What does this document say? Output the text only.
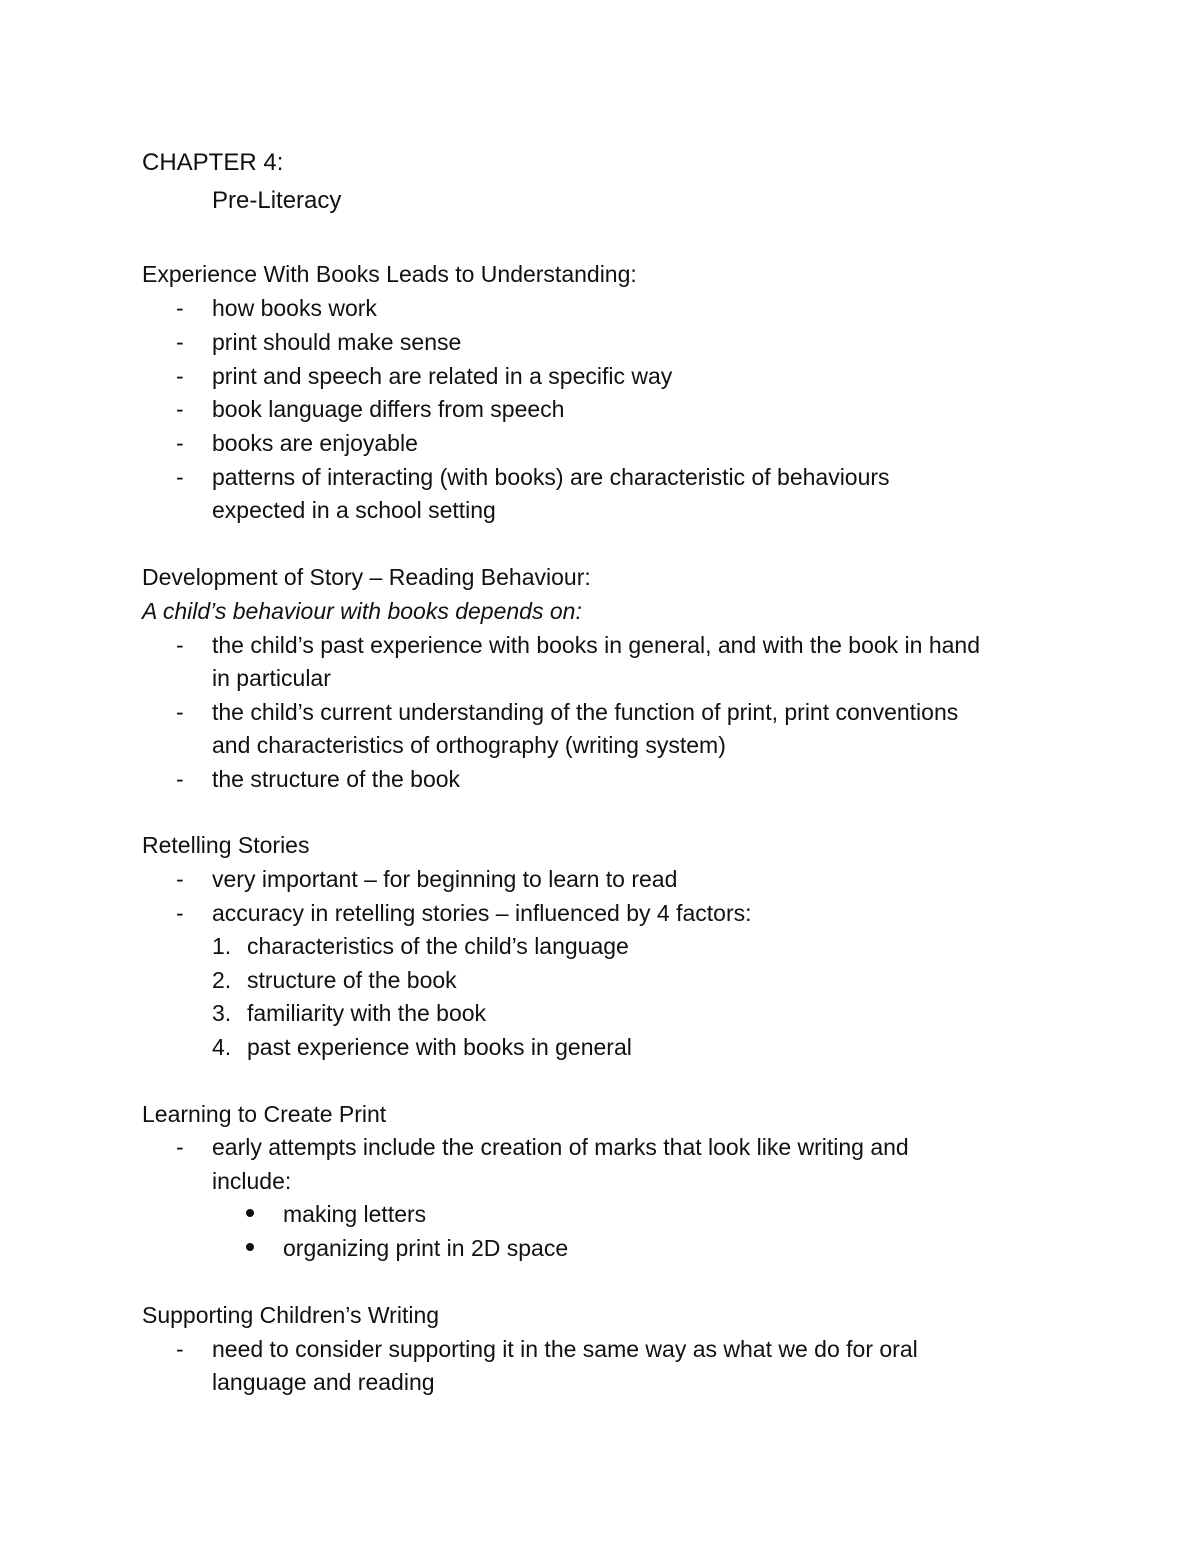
CHAPTER 4:
Pre-Literacy
Experience With Books Leads to Understanding:
- how books work
- print should make sense
- print and speech are related in a specific way
- book language differs from speech
- books are enjoyable
- patterns of interacting (with books) are characteristic of behaviours
expected in a school setting
Development of Story – Reading Behaviour:
A child’s behaviour with books depends on:
- the child’s past experience with books in general, and with the book in hand
in particular
- the child’s current understanding of the function of print, print conventions
and characteristics of orthography (writing system)
- the structure of the book
Retelling Stories
- very important – for beginning to learn to read
- accuracy in retelling stories – influenced by 4 factors:
1. characteristics of the child’s language
2. structure of the book
3. familiarity with the book
4. past experience with books in general
Learning to Create Print
- early attempts include the creation of marks that look like writing and
include:
making letters
organizing print in 2D space
Supporting Children’s Writing
- need to consider supporting it in the same way as what we do for oral
language and reading
